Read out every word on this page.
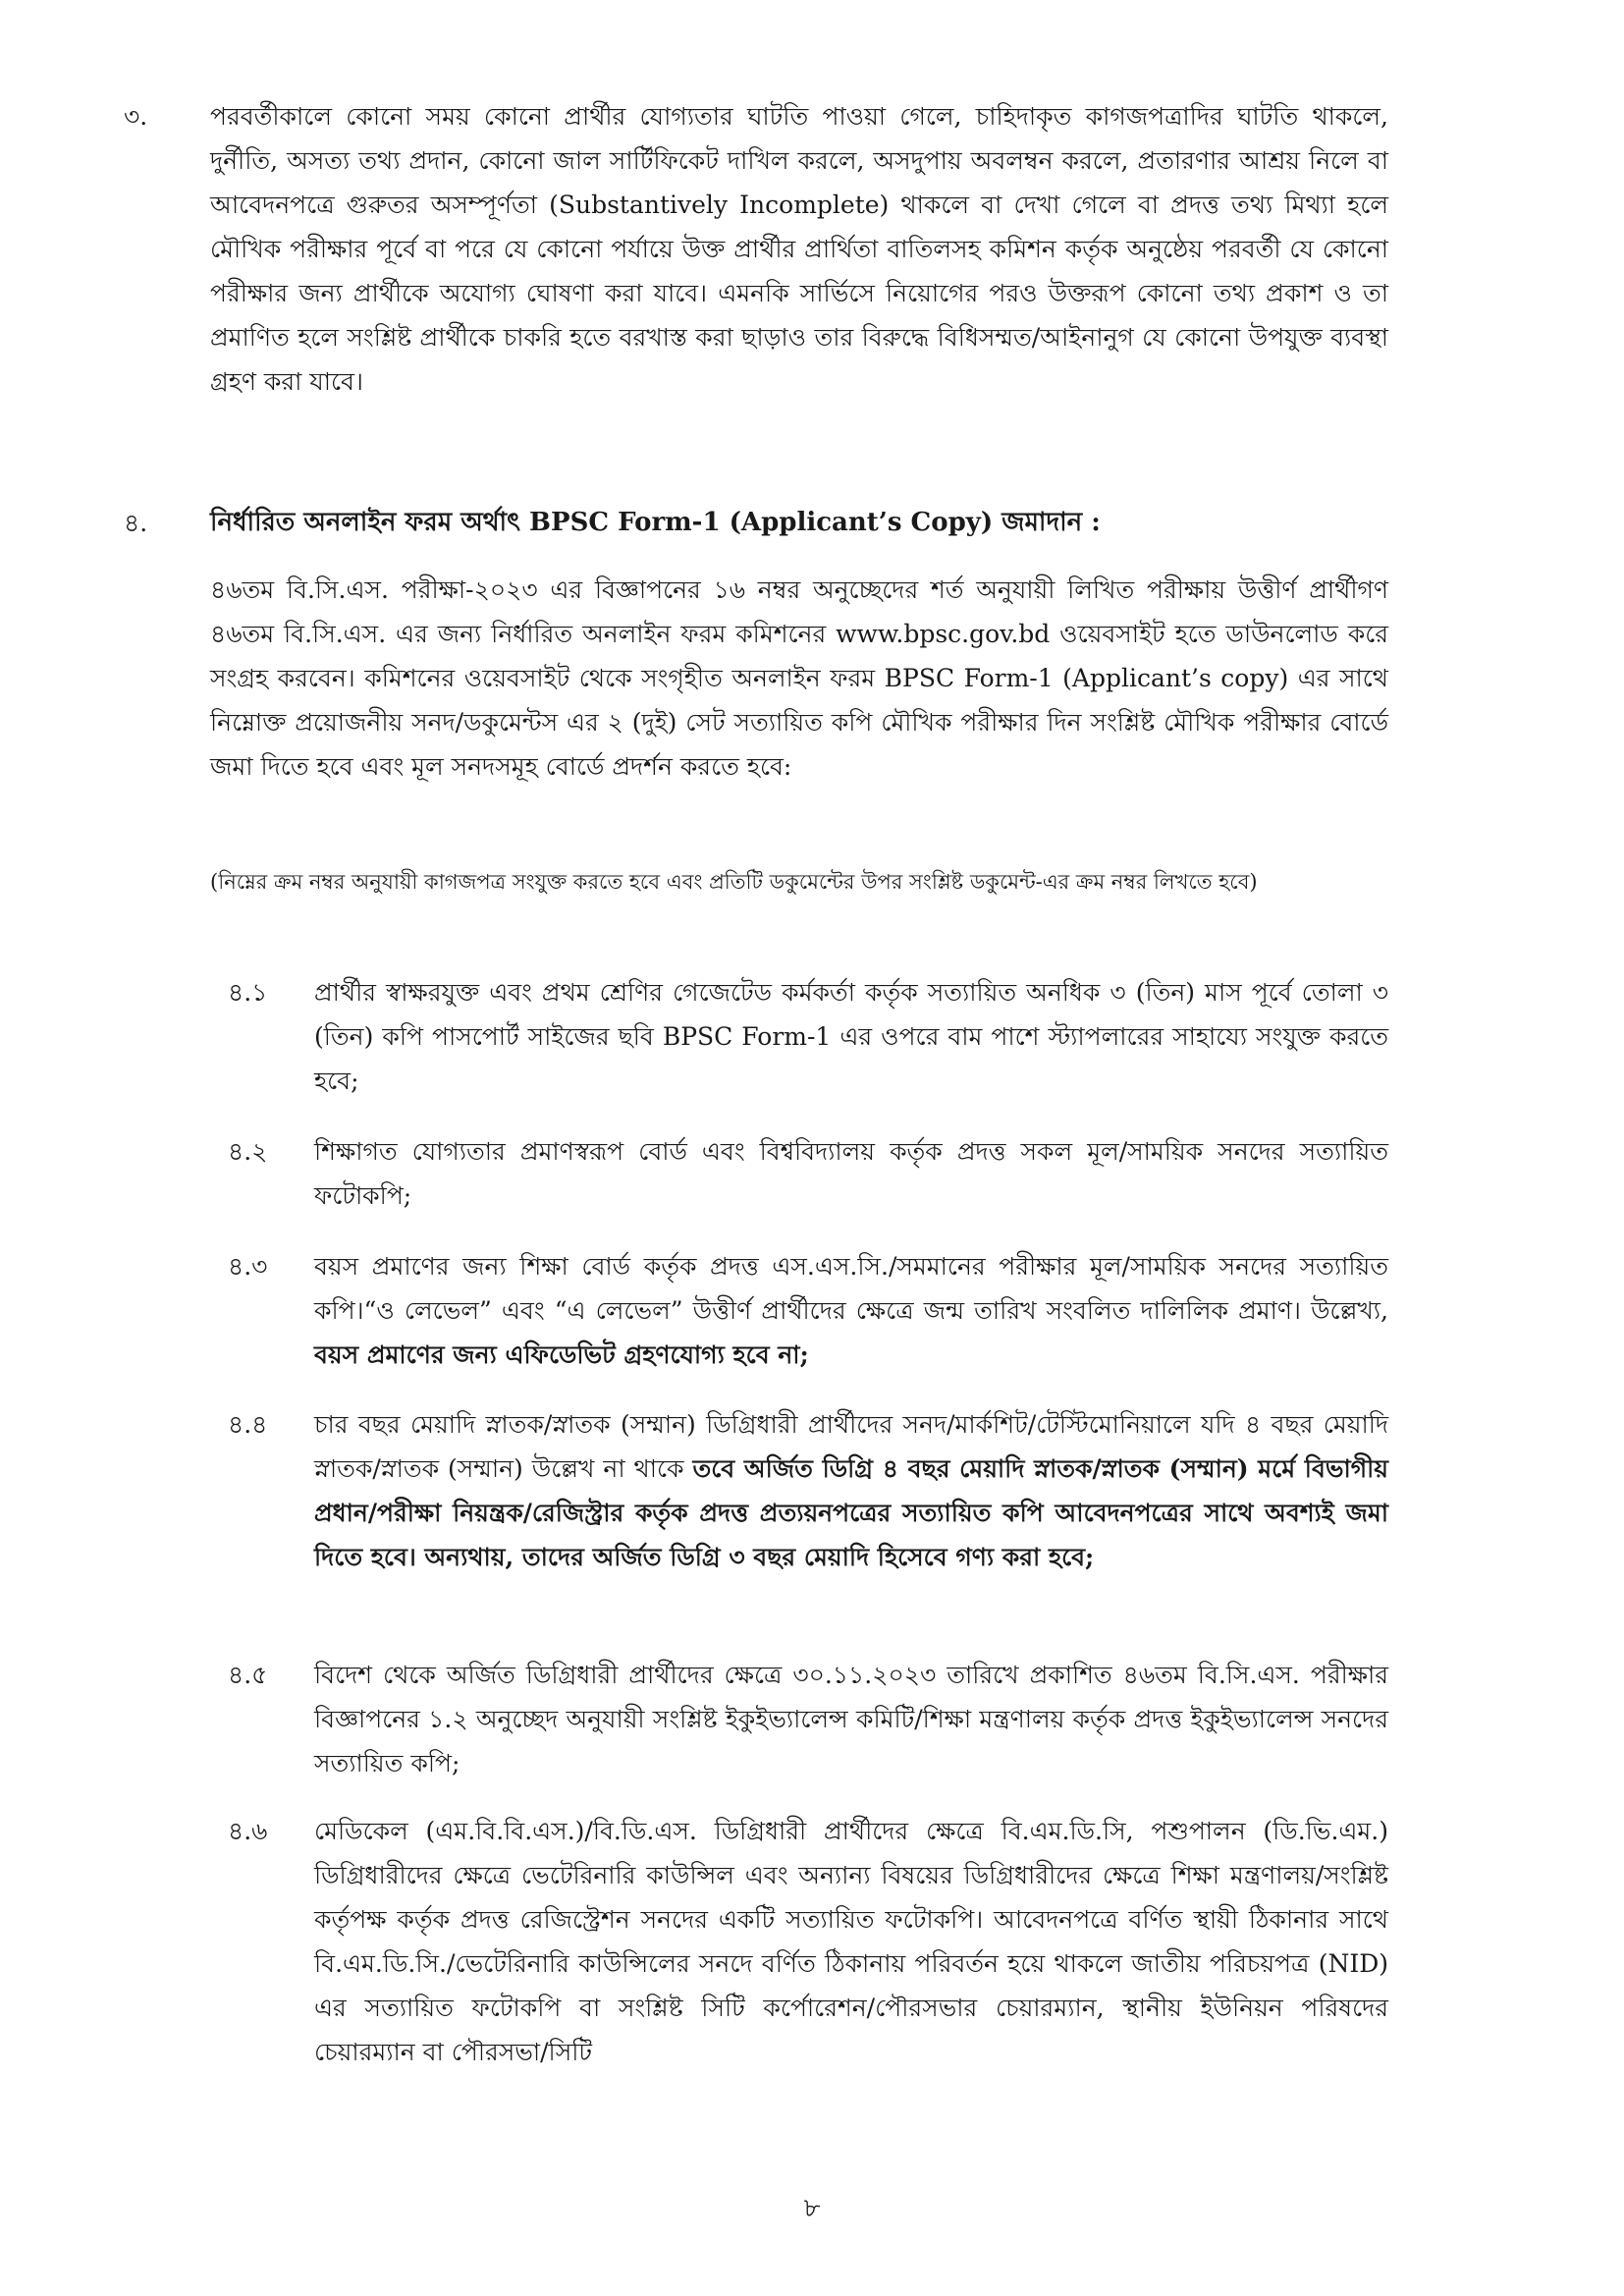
৩.	পরবর্তীকালে কোনো সময় কোনো প্রার্থীর যোগ্যতার ঘাটতি পাওয়া গেলে, চাহিদাকৃত কাগজপত্রাদির ঘাটতি থাকলে, দুর্নীতি, অসত্য তথ্য প্রদান, কোনো জাল সার্টিফিকেট দাখিল করলে, অসদুপায় অবলম্বন করলে, প্রতারণার আশ্রয় নিলে বা আবেদনপত্রে গুরুতর অসম্পূর্ণতা (Substantively Incomplete) থাকলে বা দেখা গেলে বা প্রদত্ত তথ্য মিথ্যা হলে মৌখিক পরীক্ষার পূর্বে বা পরে যে কোনো পর্যায়ে উক্ত প্রার্থীর প্রার্থিতা বাতিলসহ কমিশন কর্তৃক অনুষ্ঠেয় পরবর্তী যে কোনো পরীক্ষার জন্য প্রার্থীকে অযোগ্য ঘোষণা করা যাবে। এমনকি সার্ভিসে নিয়োগের পরও উক্তরূপ কোনো তথ্য প্রকাশ ও তা প্রমাণিত হলে সংশ্লিষ্ট প্রার্থীকে চাকরি হতে বরখাস্ত করা ছাড়াও তার বিরুদ্ধে বিধিসম্মত/আইনানুগ যে কোনো উপযুক্ত ব্যবস্থা গ্রহণ করা যাবে।
৪. নির্ধারিত অনলাইন ফরম অর্থাৎ BPSC Form-1 (Applicant’s Copy) জমাদান :
৪৬তম বি.সি.এস. পরীক্ষা-২০২৩ এর বিজ্ঞাপনের ১৬ নম্বর অনুচ্ছেদের শর্ত অনুযায়ী লিখিত পরীক্ষায় উত্তীর্ণ প্রার্থীগণ ৪৬তম বি.সি.এস. এর জন্য নির্ধারিত অনলাইন ফরম কমিশনের www.bpsc.gov.bd ওয়েবসাইট হতে ডাউনলোড করে সংগ্রহ করবেন। কমিশনের ওয়েবসাইট থেকে সংগৃহীত অনলাইন ফরম BPSC Form-1 (Applicant’s copy) এর সাথে নিম্নোক্ত প্রয়োজনীয় সনদ/ডকুমেন্টস এর ২ (দুই) সেট সত্যায়িত কপি মৌখিক পরীক্ষার দিন সংশ্লিষ্ট মৌখিক পরীক্ষার বোর্ডে জমা দিতে হবে এবং মূল সনদসমূহ বোর্ডে প্রদর্শন করতে হবে:
(নিম্নের ক্রম নম্বর অনুযায়ী কাগজপত্র সংযুক্ত করতে হবে এবং প্রতিটি ডকুমেন্টের উপর সংশ্লিষ্ট ডকুমেন্ট-এর ক্রম নম্বর লিখতে হবে)
৪.১ প্রার্থীর স্বাক্ষরযুক্ত এবং প্রথম শ্রেণির গেজেটেড কর্মকর্তা কর্তৃক সত্যায়িত অনধিক ৩ (তিন) মাস পূর্বে তোলা ৩ (তিন) কপি পাসপোর্ট সাইজের ছবি BPSC Form-1 এর ওপরে বাম পাশে স্ট্যাপলারের সাহায্যে সংযুক্ত করতে হবে;
৪.২ শিক্ষাগত যোগ্যতার প্রমাণস্বরূপ বোর্ড এবং বিশ্ববিদ্যালয় কর্তৃক প্রদত্ত সকল মূল/সাময়িক সনদের সত্যায়িত ফটোকপি;
৪.৩ বয়স প্রমাণের জন্য শিক্ষা বোর্ড কর্তৃক প্রদত্ত এস.এস.সি./সমমানের পরীক্ষার মূল/সাময়িক সনদের সত্যায়িত কপি।“ও লেভেল” এবং “এ লেভেল” উত্তীর্ণ প্রার্থীদের ক্ষেত্রে জন্ম তারিখ সংবলিত দালিলিক প্রমাণ। উল্লেখ্য, বয়স প্রমাণের জন্য এফিডেভিট গ্রহণযোগ্য হবে না;
৪.৪ চার বছর মেয়াদি স্নাতক/স্নাতক (সম্মান) ডিগ্রিধারী প্রার্থীদের সনদ/মার্কশিট/টেস্টিমোনিয়ালে যদি ৪ বছর মেয়াদি স্নাতক/স্নাতক (সম্মান) উল্লেখ না থাকে তবে অর্জিত ডিগ্রি ৪ বছর মেয়াদি স্নাতক/স্নাতক (সম্মান) মর্মে বিভাগীয় প্রধান/পরীক্ষা নিয়ন্ত্রক/রেজিস্ট্রার কর্তৃক প্রদত্ত প্রত্যয়নপত্রের সত্যায়িত কপি আবেদনপত্রের সাথে অবশ্যই জমা দিতে হবে। অন্যথায়, তাদের অর্জিত ডিগ্রি ৩ বছর মেয়াদি হিসেবে গণ্য করা হবে;
৪.৫ বিদেশ থেকে অর্জিত ডিগ্রিধারী প্রার্থীদের ক্ষেত্রে ৩০.১১.২০২৩ তারিখে প্রকাশিত ৪৬তম বি.সি.এস. পরীক্ষার বিজ্ঞাপনের ১.২ অনুচ্ছেদ অনুযায়ী সংশ্লিষ্ট ইকুইভ্যালেন্স কমিটি/শিক্ষা মন্ত্রণালয় কর্তৃক প্রদত্ত ইকুইভ্যালেন্স সনদের সত্যায়িত কপি;
৪.৬ মেডিকেল (এম.বি.বি.এস.)/বি.ডি.এস. ডিগ্রিধারী প্রার্থীদের ক্ষেত্রে বি.এম.ডি.সি, পশুপালন (ডি.ভি.এম.) ডিগ্রিধারীদের ক্ষেত্রে ভেটেরিনারি কাউন্সিল এবং অন্যান্য বিষয়ের ডিগ্রিধারীদের ক্ষেত্রে শিক্ষা মন্ত্রণালয়/সংশ্লিষ্ট কর্তৃপক্ষ কর্তৃক প্রদত্ত রেজিস্ট্রেশন সনদের একটি সত্যায়িত ফটোকপি। আবেদনপত্রে বর্ণিত স্থায়ী ঠিকানার সাথে বি.এম.ডি.সি./ভেটেরিনারি কাউন্সিলের সনদে বর্ণিত ঠিকানায় পরিবর্তন হয়ে থাকলে জাতীয় পরিচয়পত্র (NID) এর সত্যায়িত ফটোকপি বা সংশ্লিষ্ট সিটি কর্পোরেশন/পৌরসভার চেয়ারম্যান, স্থানীয় ইউনিয়ন পরিষদের চেয়ারম্যান বা পৌরসভা/সিটি
৮
